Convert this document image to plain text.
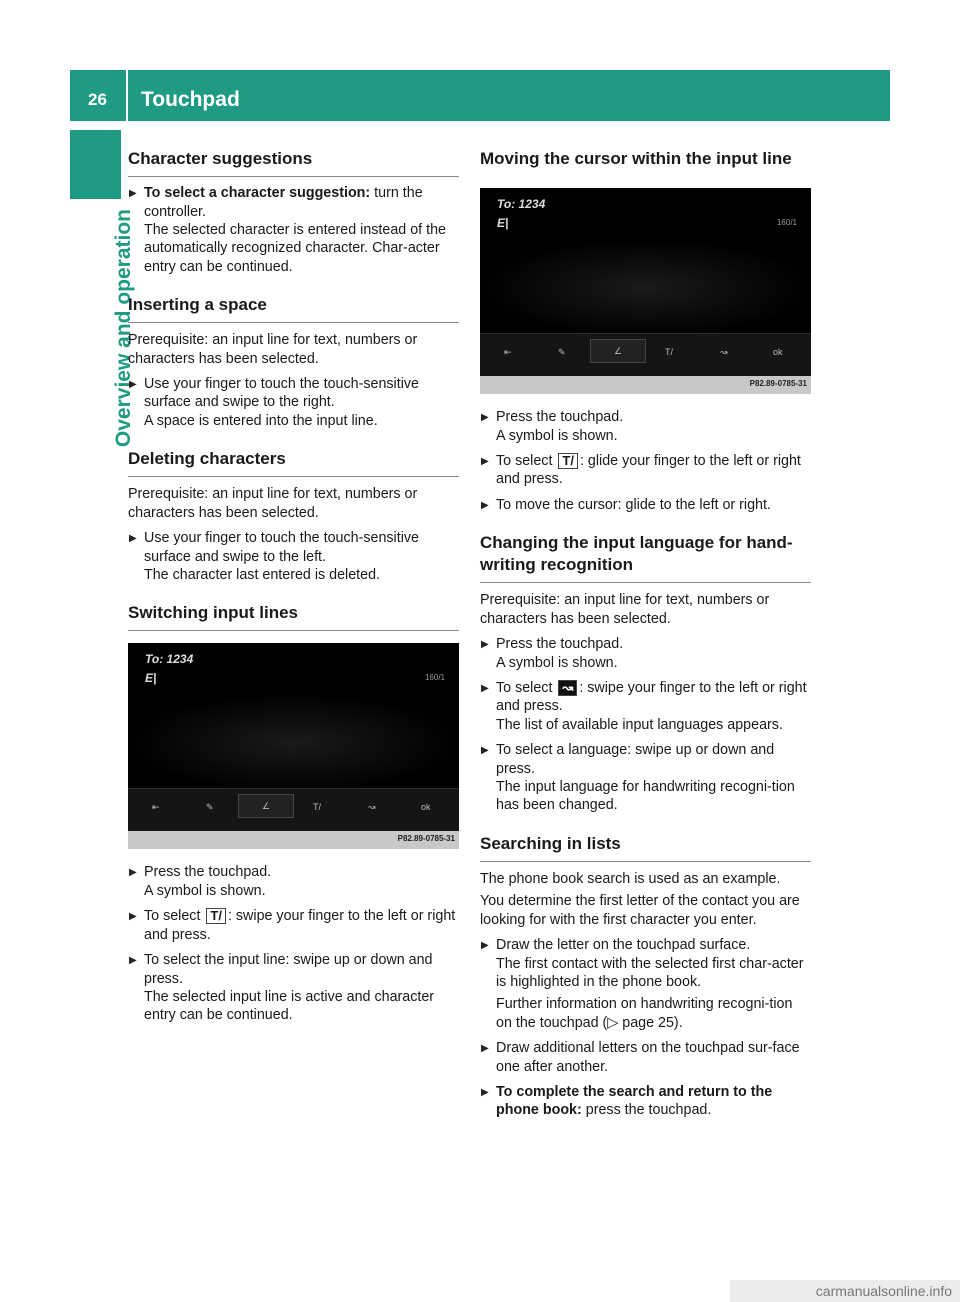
26 Touchpad
Overview and operation
Character suggestions
▶ To select a character suggestion: turn the controller.
The selected character is entered instead of the automatically recognized character. Char-acter entry can be continued.
Inserting a space

Prerequisite: an input line for text, numbers or characters has been selected.

▶ Use your finger to touch the touch-sensitive surface and swipe to the right.
A space is entered into the input line.
Deleting characters

Prerequisite: an input line for text, numbers or characters has been selected.

▶ Use your finger to touch the touch-sensitive surface and swipe to the left.
The character last entered is deleted.
Switching input lines
To: 1234
E|	160/1
⇤	✎	∠	T/	↝	ok
P82.89-0785-31
▶ Press the touchpad.
A symbol is shown.
▶ To select T/ : swipe your finger to the left or right and press.
▶ To select the input line: swipe up or down and press.
The selected input line is active and character entry can be continued.
Moving the cursor within the input line
To: 1234
E|	160/1
⇤	✎	∠	T/	↝	ok
P82.89-0785-31
▶ Press the touchpad.
A symbol is shown.
▶ To select T/ : glide your finger to the left or right and press.
▶ To move the cursor: glide to the left or right.
Changing the input language for hand-writing recognition

Prerequisite: an input line for text, numbers or characters has been selected.

▶ Press the touchpad.
A symbol is shown.
▶ To select ↝ : swipe your finger to the left or right and press.
The list of available input languages appears.
▶ To select a language: swipe up or down and press.
The input language for handwriting recogni-tion has been changed.
Searching in lists

The phone book search is used as an example.

You determine the first letter of the contact you are looking for with the first character you enter.

▶ Draw the letter on the touchpad surface.
The first contact with the selected first char-acter is highlighted in the phone book.
Further information on handwriting recogni-tion on the touchpad (▷ page 25).
▶ Draw additional letters on the touchpad sur-face one after another.
▶ To complete the search and return to the phone book: press the touchpad.
carmanualsonline.info
